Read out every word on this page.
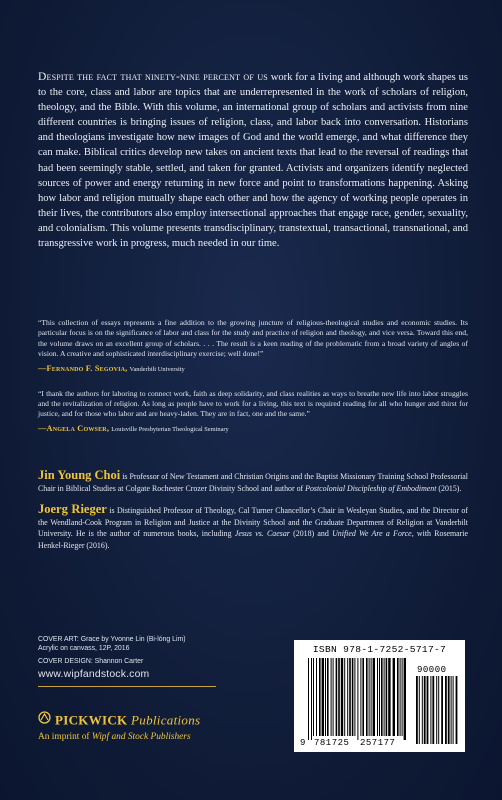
Despite the fact that ninety-nine percent of us work for a living and although work shapes us to the core, class and labor are topics that are underrepresented in the work of scholars of religion, theology, and the Bible. With this volume, an international group of scholars and activists from nine different countries is bringing issues of religion, class, and labor back into conversation. Historians and theologians investigate how new images of God and the world emerge, and what difference they can make. Biblical critics develop new takes on ancient texts that lead to the reversal of readings that had been seemingly stable, settled, and taken for granted. Activists and organizers identify neglected sources of power and energy returning in new force and point to transformations happening. Asking how labor and religion mutually shape each other and how the agency of working people operates in their lives, the contributors also employ intersectional approaches that engage race, gender, sexuality, and colonialism. This volume presents transdisciplinary, transtextual, transactional, transnational, and transgressive work in progress, much needed in our time.

“This collection of essays represents a fine addition to the growing juncture of religious-theological studies and economic studies. Its particular focus is on the significance of labor and class for the study and practice of religion and theology, and vice versa. Toward this end, the volume draws on an excellent group of scholars. . . . The result is a keen reading of the problematic from a broad variety of angles of vision. A creative and sophisticated interdisciplinary exercise; well done!”

—Fernando F. Segovia, Vanderbilt University

“I thank the authors for laboring to connect work, faith as deep solidarity, and class realities as ways to breathe new life into labor struggles and the revitalization of religion. As long as people have to work for a living, this text is required reading for all who hunger and thirst for justice, and for those who labor and are heavy-laden. They are in fact, one and the same.”

—Angela Cowser, Louisville Presbyterian Theological Seminary

Jin Young Choi is Professor of New Testament and Christian Origins and the Baptist Missionary Training School Professorial Chair in Biblical Studies at Colgate Rochester Crozer Divinity School and author of Postcolonial Discipleship of Embodiment (2015).

Joerg Rieger is Distinguished Professor of Theology, Cal Turner Chancellor’s Chair in Wesleyan Studies, and the Director of the Wendland-Cook Program in Religion and Justice at the Divinity School and the Graduate Department of Religion at Vanderbilt University. He is the author of numerous books, including Jesus vs. Caesar (2018) and Unified We Are a Force, with Rosemarie Henkel-Rieger (2016).

COVER ART: Grace by Yvonne Lin (Bi-lóng Lim)
Acrylic on canvass, 12P, 2016
COVER DESIGN: Shannon Carter
www.wipfandstock.com
PICKWICK Publications
An imprint of Wipf and Stock Publishers
ISBN 978-1-7252-5717-7
90000
9 781725 257177
